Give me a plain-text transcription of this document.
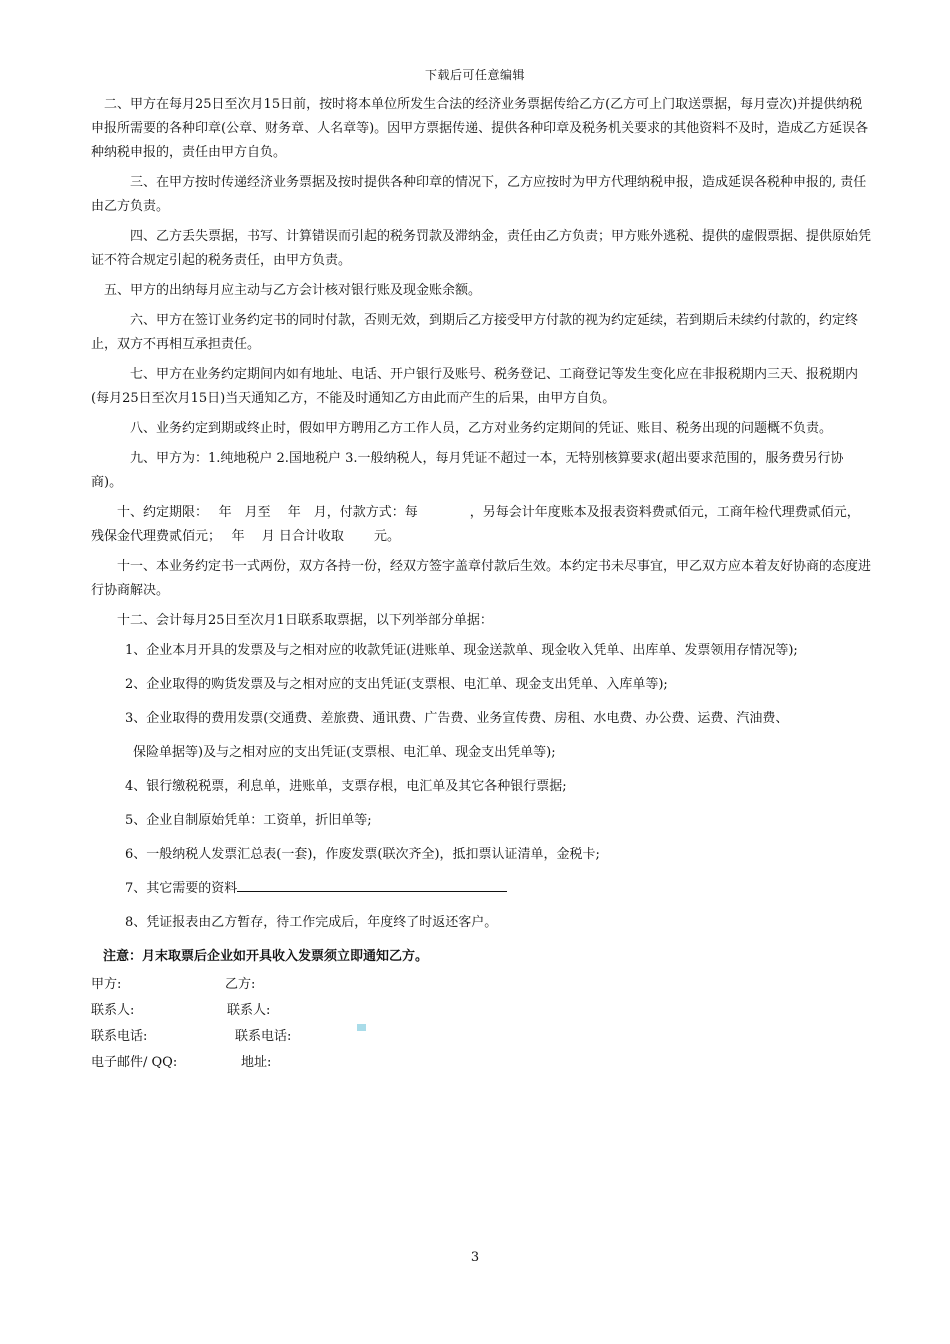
下载后可任意编辑

　二、甲方在每月25日至次月15日前，按时将本单位所发生合法的经济业务票据传给乙方(乙方可上门取送票据，每月壹次)并提供纳税申报所需要的各种印章(公章、财务章、人名章等)。因甲方票据传递、提供各种印章及税务机关要求的其他资料不及时，造成乙方延误各种纳税申报的，责任由甲方自负。

　　　三、在甲方按时传递经济业务票据及按时提供各种印章的情况下，乙方应按时为甲方代理纳税申报，造成延误各税种申报的, 责任由乙方负责。

　　　四、乙方丢失票据，书写、计算错误而引起的税务罚款及滞纳金，责任由乙方负责；甲方账外逃税、提供的虚假票据、提供原始凭证不符合规定引起的税务责任，由甲方负责。

　五、甲方的出纳每月应主动与乙方会计核对银行账及现金账余额。

　　　六、甲方在签订业务约定书的同时付款，否则无效，到期后乙方接受甲方付款的视为约定延续，若到期后未续约付款的，约定终止，双方不再相互承担责任。

　　　七、甲方在业务约定期间内如有地址、电话、开户银行及账号、税务登记、工商登记等发生变化应在非报税期内三天、报税期内(每月25日至次月15日)当天通知乙方，不能及时通知乙方由此而产生的后果，由甲方自负。

　　　八、业务约定到期或终止时，假如甲方聘用乙方工作人员，乙方对业务约定期间的凭证、账目、税务出现的问题概不负责。

　　　九、甲方为：1.纯地税户 2.国地税户 3.一般纳税人，每月凭证不超过一本，无特别核算要求(超出要求范围的，服务费另行协商)。

　　十、约定期限：　 年　月至　 年　月，付款方式：每　　　　，另每会计年度账本及报表资料费贰佰元，工商年检代理费贰佰元，残保金代理费贰佰元；　 年　 月 日合计收取　　 元。

　　十一、本业务约定书一式两份，双方各持一份，经双方签字盖章付款后生效。本约定书未尽事宜，甲乙双方应本着友好协商的态度进行协商解决。

　　十二、会计每月25日至次月1日联系取票据，以下列举部分单据：

1、企业本月开具的发票及与之相对应的收款凭证(进账单、现金送款单、现金收入凭单、出库单、发票领用存情况等);
2、企业取得的购货发票及与之相对应的支出凭证(支票根、电汇单、现金支出凭单、入库单等);
3、企业取得的费用发票(交通费、差旅费、通讯费、广告费、业务宣传费、房租、水电费、办公费、运费、汽油费、
保险单据等)及与之相对应的支出凭证(支票根、电汇单、现金支出凭单等);
4、银行缴税税票，利息单，进账单，支票存根，电汇单及其它各种银行票据;
5、企业自制原始凭单：工资单，折旧单等;
6、一般纳税人发票汇总表(一套)，作废发票(联次齐全)，抵扣票认证清单，金税卡;
7、其它需要的资料
8、凭证报表由乙方暂存，待工作完成后，年度终了时返还客户。
注意：月末取票后企业如开具收入发票须立即通知乙方。
甲方:	乙方:
联系人:	联系人:
联系电话:	联系电话:
电子邮件/ QQ:	地址:
3
